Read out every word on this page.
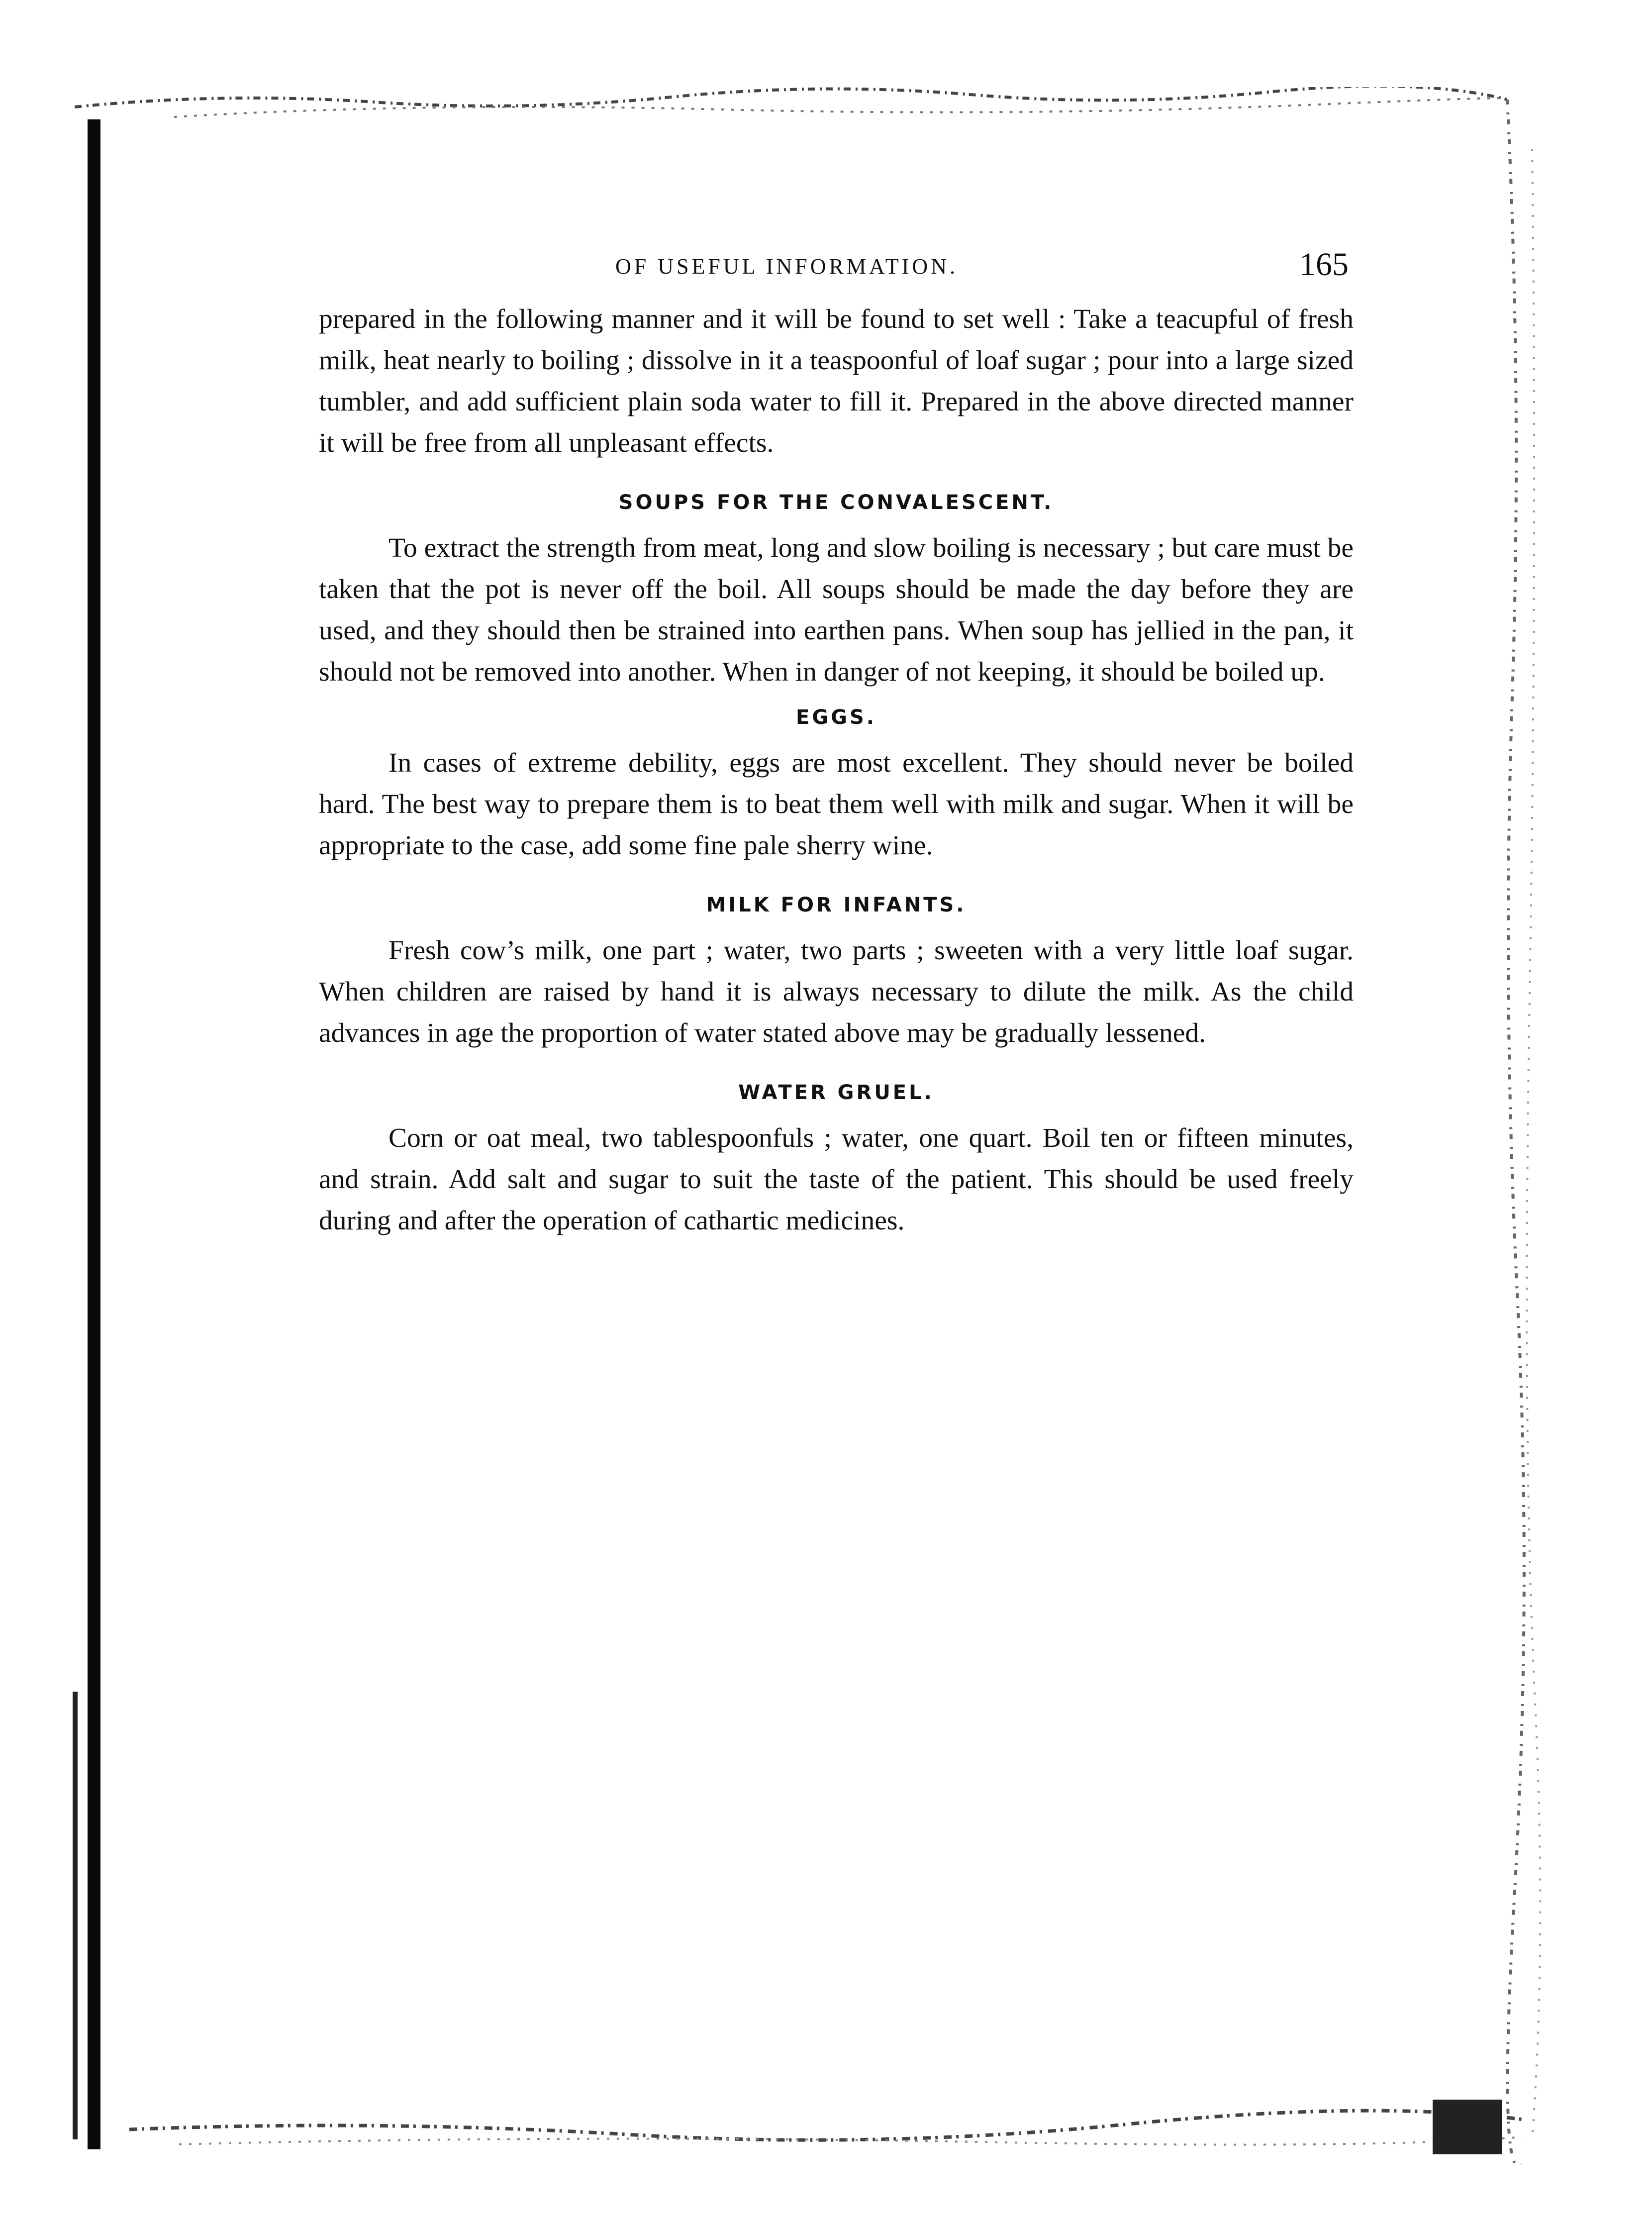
OF USEFUL INFORMATION.	165

prepared in the following manner and it will be found to set well : Take a teacupful of fresh milk, heat nearly to boiling ; dissolve in it a teaspoonful of loaf sugar ; pour into a large sized tumbler, and add sufficient plain soda water to fill it. Prepared in the above directed manner it will be free from all unpleasant effects.

SOUPS FOR THE CONVALESCENT.

To extract the strength from meat, long and slow boiling is necessary ; but care must be taken that the pot is never off the boil. All soups should be made the day before they are used, and they should then be strained into earthen pans. When soup has jellied in the pan, it should not be removed into another. When in danger of not keeping, it should be boiled up.

EGGS.

In cases of extreme debility, eggs are most excellent. They should never be boiled hard. The best way to prepare them is to beat them well with milk and sugar. When it will be appropriate to the case, add some fine pale sherry wine.

MILK FOR INFANTS.

Fresh cow’s milk, one part ; water, two parts ; sweeten with a very little loaf sugar. When children are raised by hand it is always necessary to dilute the milk. As the child advances in age the proportion of water stated above may be gradually lessened.

WATER GRUEL.

Corn or oat meal, two tablespoonfuls ; water, one quart. Boil ten or fifteen minutes, and strain. Add salt and sugar to suit the taste of the patient. This should be used freely during and after the operation of cathartic medicines.
